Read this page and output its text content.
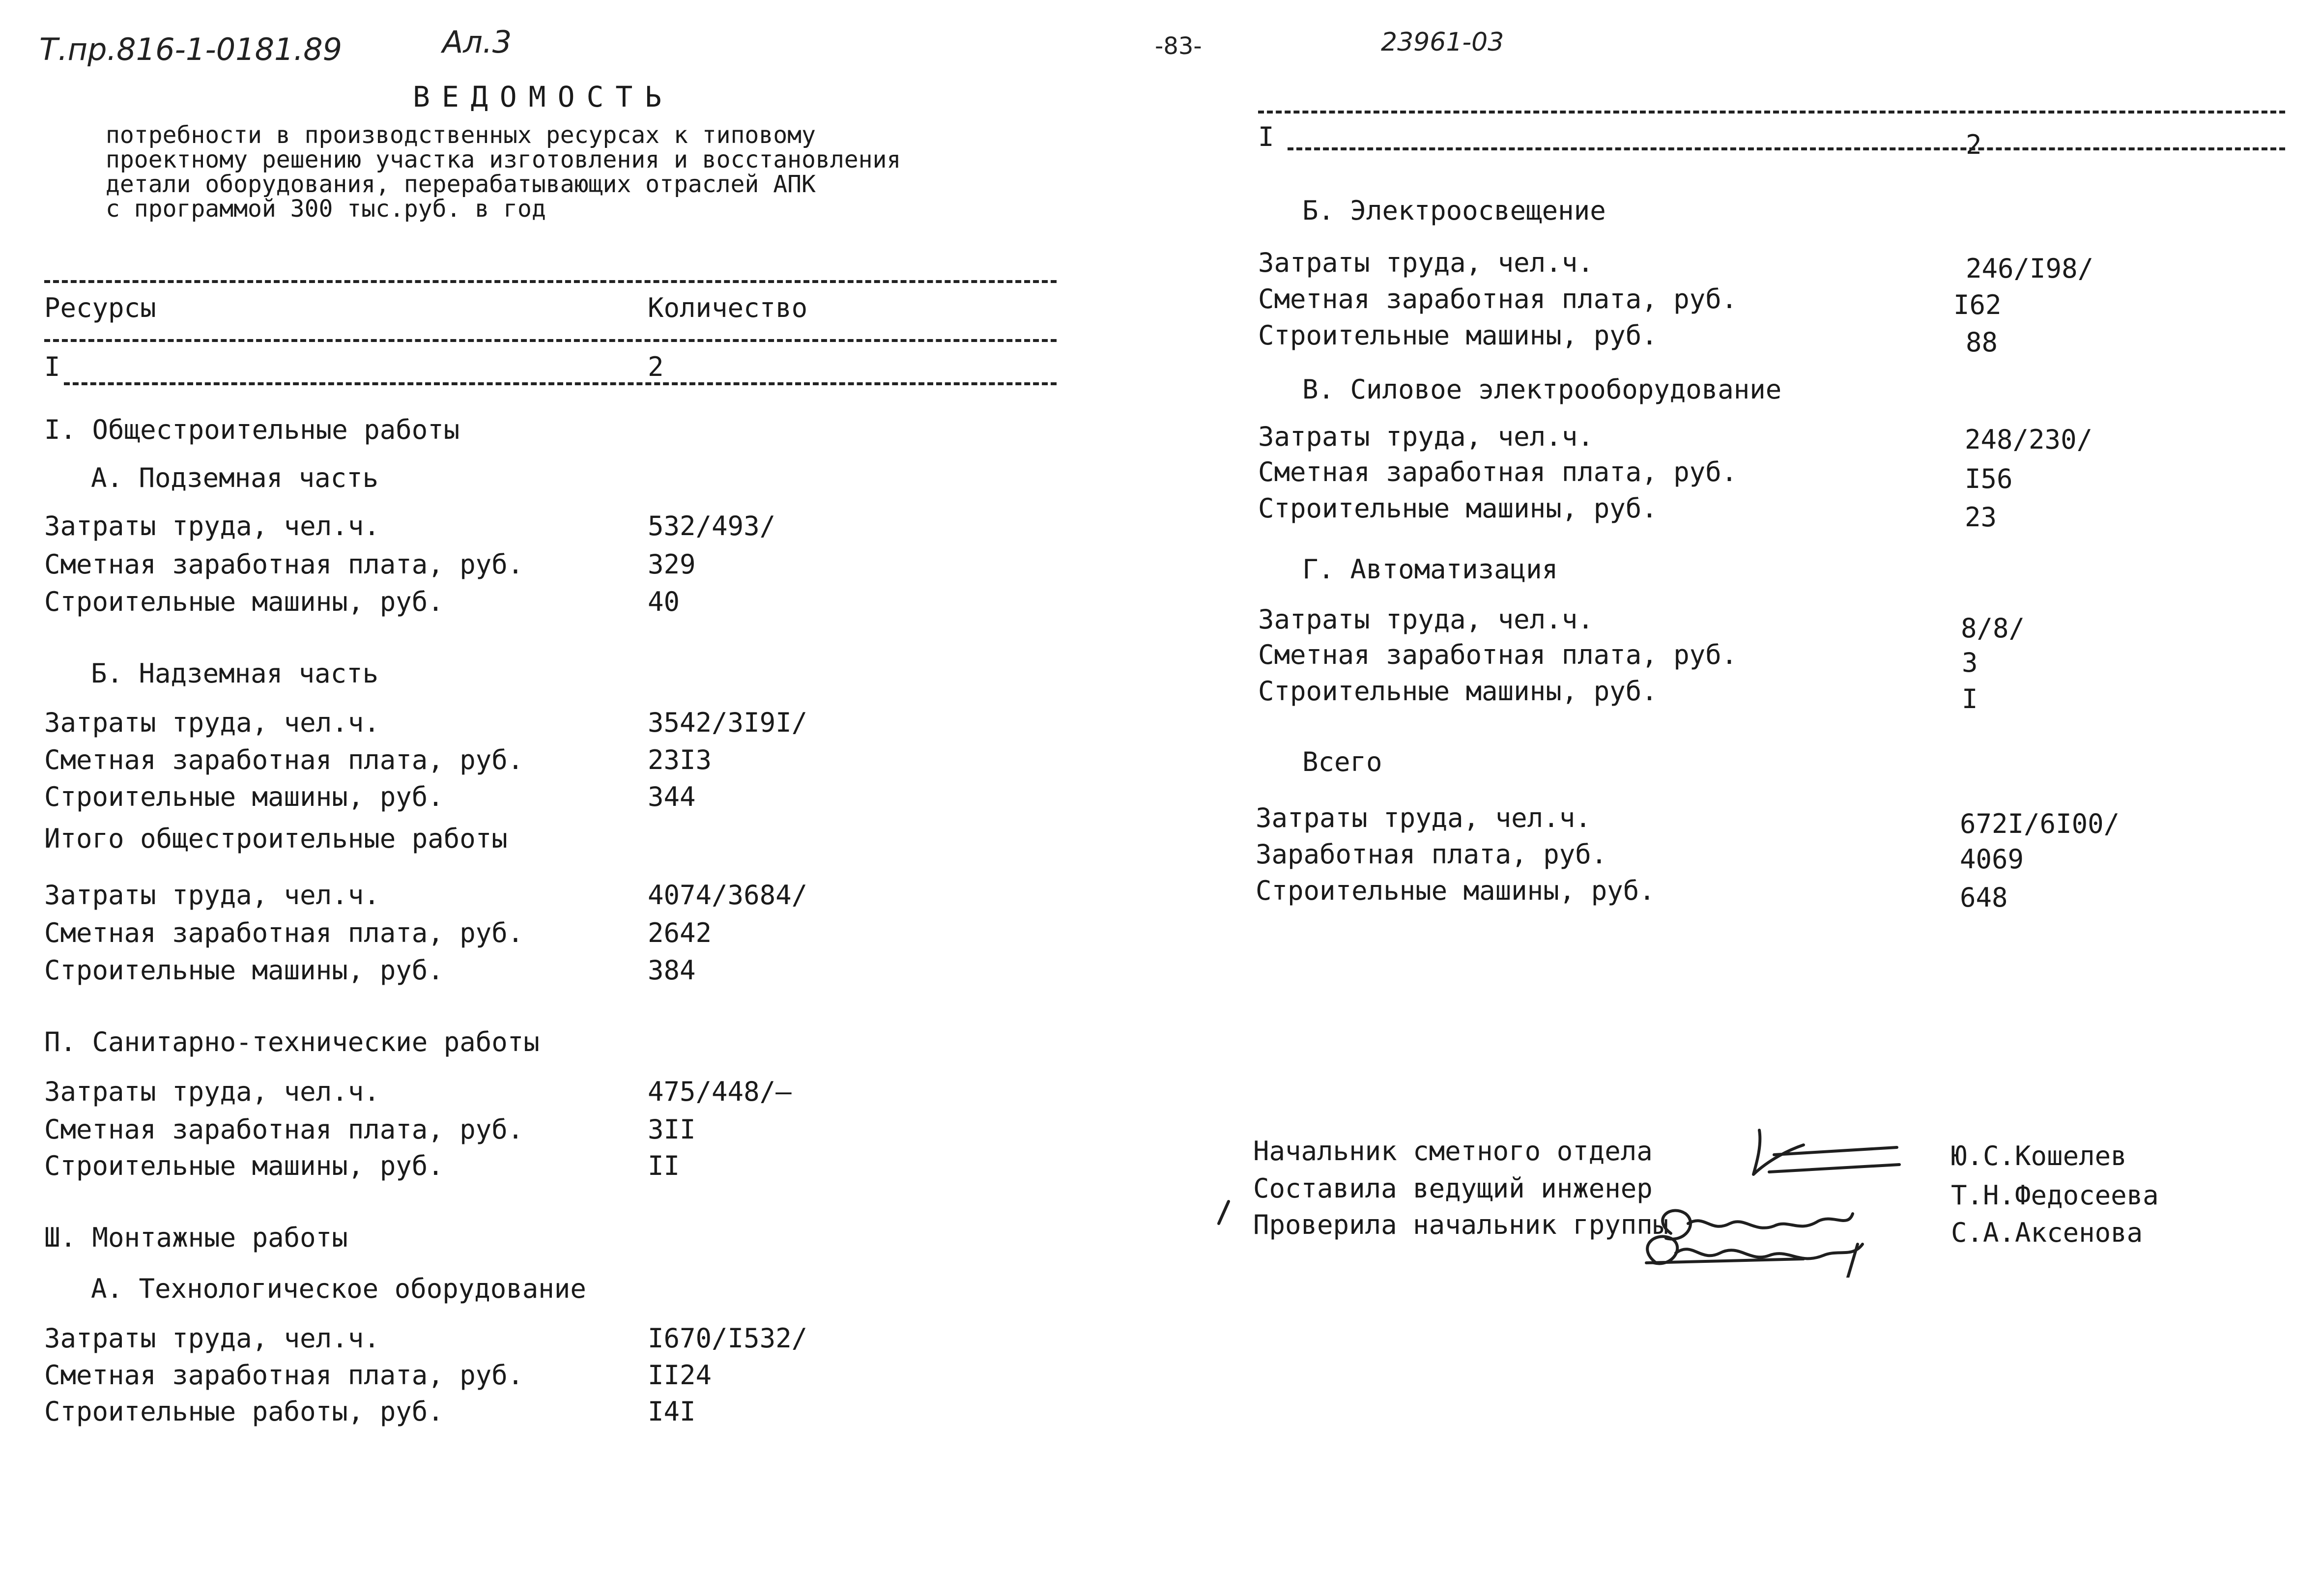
Т.пр.816-1-0181.89	Ал.3	-83-	23961-03
ВЕДОМОСТЬ
потребности в производственных ресурсах к типовому
проектному решению участка изготовления и восстановления
детали оборудования, перерабатывающих отраслей АПК
с программой 300 тыс.руб. в год
Ресурсы	Количество
I	2
I. Общестроительные работы
А. Подземная часть
Затраты труда, чел.ч.	532/493/
Сметная заработная плата, руб.	329
Строительные машины, руб.	40
Б. Надземная часть
Затраты труда, чел.ч.	3542/3I9I/
Сметная заработная плата, руб.	23I3
Строительные машины, руб.	344
Итого общестроительные работы
Затраты труда, чел.ч.	4074/3684/
Сметная заработная плата, руб.	2642
Строительные машины, руб.	384
П. Санитарно-технические работы
Затраты труда, чел.ч.	475/448/–
Сметная заработная плата, руб.	3II
Строительные машины, руб.	II
Ш. Монтажные работы
А. Технологическое оборудование
Затраты труда, чел.ч.	I670/I532/
Сметная заработная плата, руб.	II24
Строительные работы, руб.	I4I
I	2
Б. Электроосвещение
Затраты труда, чел.ч.	246/I98/
Сметная заработная плата, руб.	I62
Строительные машины, руб.	88
В. Силовое электрооборудование
Затраты труда, чел.ч.	248/230/
Сметная заработная плата, руб.	I56
Строительные машины, руб.	23
Г. Автоматизация
Затраты труда, чел.ч.	8/8/
Сметная заработная плата, руб.	3
Строительные машины, руб.	I
Всего
Затраты труда, чел.ч.	672I/6I00/
Заработная плата, руб.	4069
Строительные машины, руб.	648
Начальник сметного отдела	Ю.С.Кошелев
Составила ведущий инженер	Т.Н.Федосеева
Проверила начальник группы	С.А.Аксенова
